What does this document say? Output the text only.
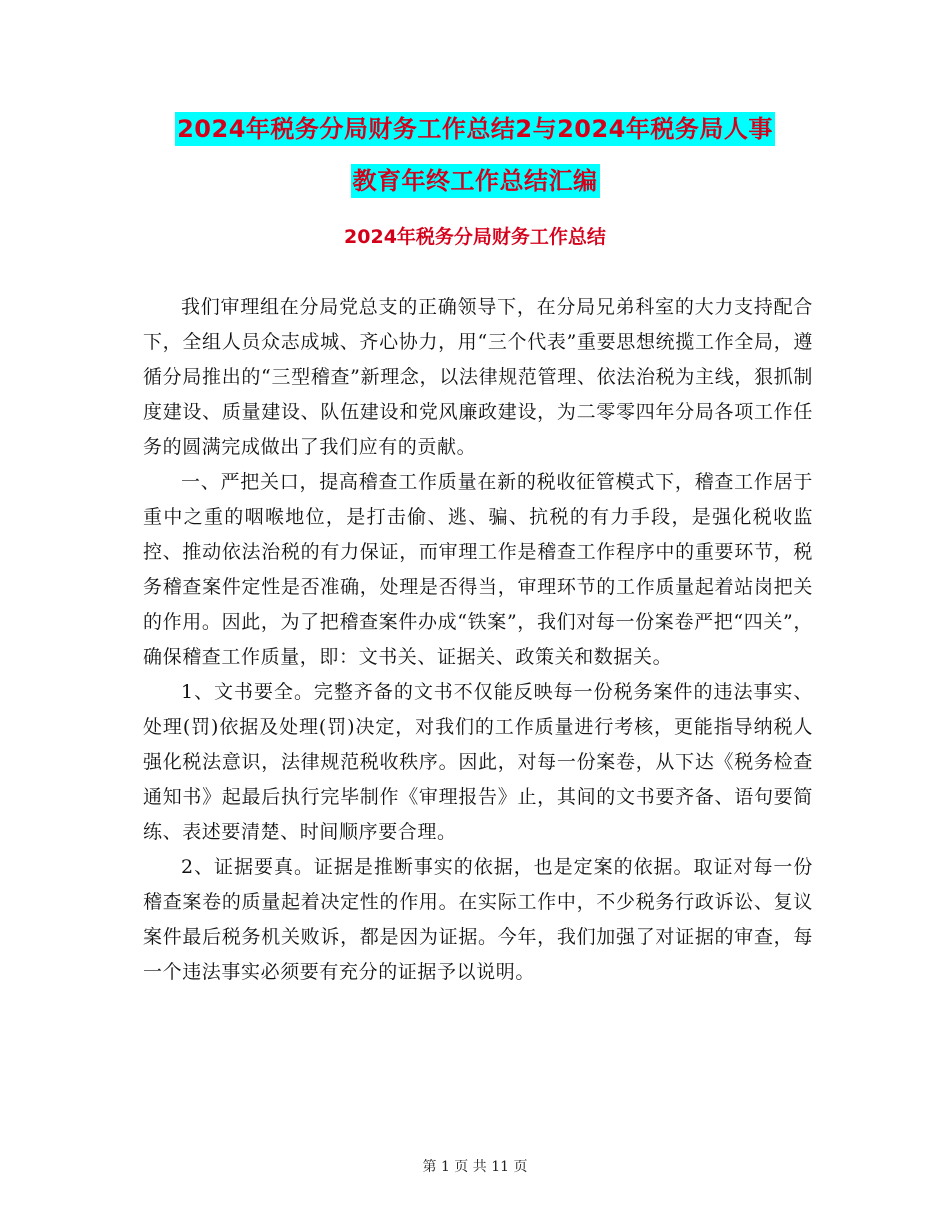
2024年税务分局财务工作总结2与2024年税务局人事
教育年终工作总结汇编
2024年税务分局财务工作总结

我们审理组在分局党总支的正确领导下，在分局兄弟科室的大力支持配合下，全组人员众志成城、齐心协力，用“三个代表”重要思想统揽工作全局，遵循分局推出的“三型稽查”新理念，以法律规范管理、依法治税为主线，狠抓制度建设、质量建设、队伍建设和党风廉政建设，为二零零四年分局各项工作任务的圆满完成做出了我们应有的贡献。

一、严把关口，提高稽查工作质量在新的税收征管模式下，稽查工作居于重中之重的咽喉地位，是打击偷、逃、骗、抗税的有力手段，是强化税收监控、推动依法治税的有力保证，而审理工作是稽查工作程序中的重要环节，税务稽查案件定性是否准确，处理是否得当，审理环节的工作质量起着站岗把关的作用。因此，为了把稽查案件办成“铁案”，我们对每一份案卷严把“四关”，确保稽查工作质量，即：文书关、证据关、政策关和数据关。

1、文书要全。完整齐备的文书不仅能反映每一份税务案件的违法事实、处理(罚)依据及处理(罚)决定，对我们的工作质量进行考核，更能指导纳税人强化税法意识，法律规范税收秩序。因此，对每一份案卷，从下达《税务检查通知书》起最后执行完毕制作《审理报告》止，其间的文书要齐备、语句要简练、表述要清楚、时间顺序要合理。

2、证据要真。证据是推断事实的依据，也是定案的依据。取证对每一份稽查案卷的质量起着决定性的作用。在实际工作中，不少税务行政诉讼、复议案件最后税务机关败诉，都是因为证据。今年，我们加强了对证据的审查，每一个违法事实必须要有充分的证据予以说明。

第 1 页 共 11 页
